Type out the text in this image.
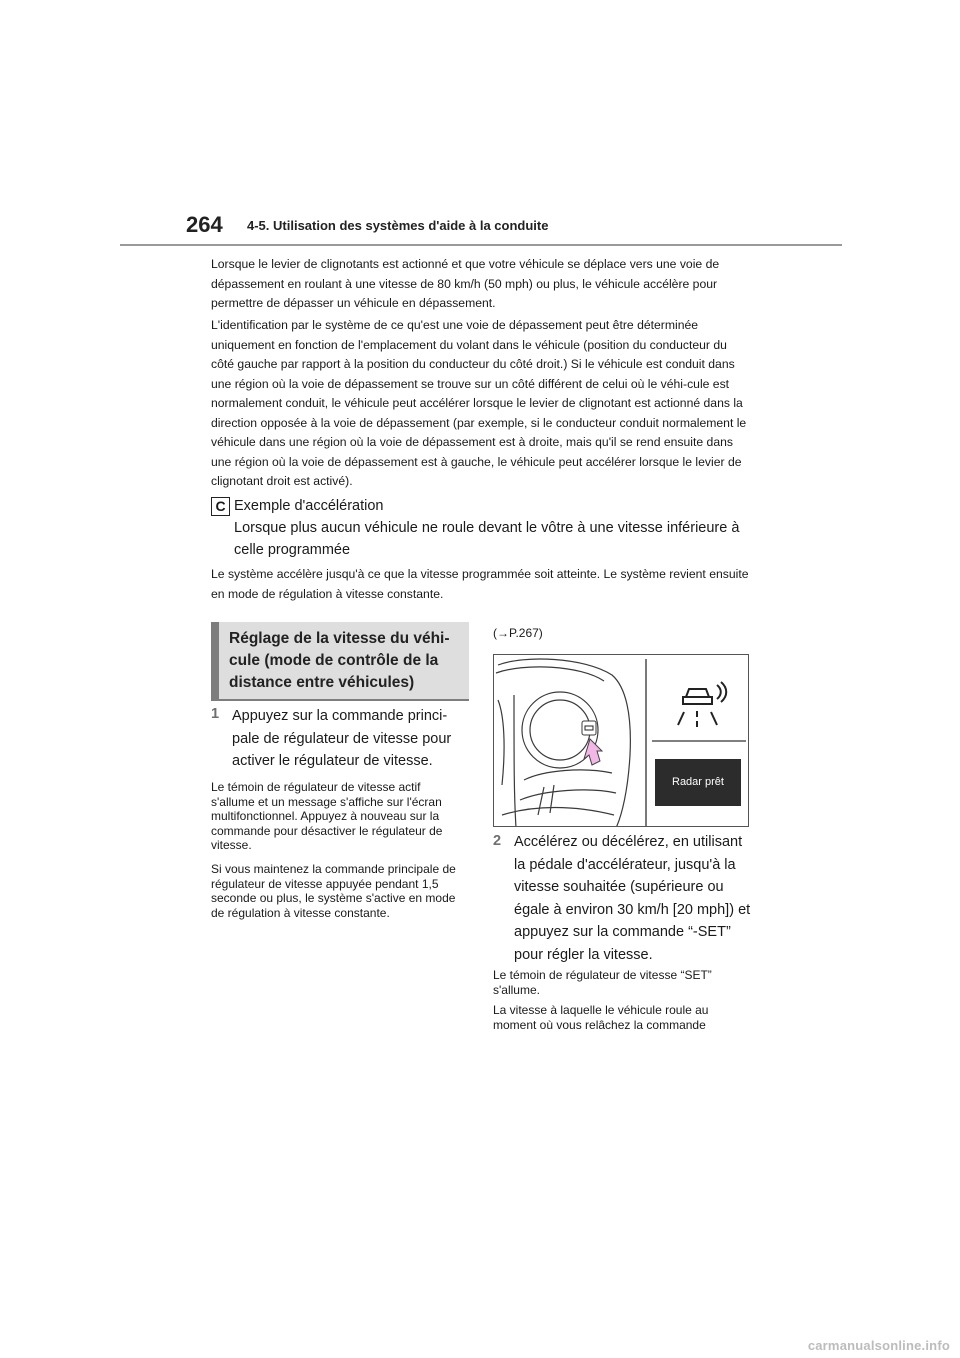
264 4-5. Utilisation des systèmes d'aide à la conduite

Lorsque le levier de clignotants est actionné et que votre véhicule se déplace vers une voie de dépassement en roulant à une vitesse de 80 km/h (50 mph) ou plus, le véhicule accélère pour permettre de dépasser un véhicule en dépassement.

L'identification par le système de ce qu'est une voie de dépassement peut être déterminée uniquement en fonction de l'emplacement du volant dans le véhicule (position du conducteur du côté gauche par rapport à la position du conducteur du côté droit.) Si le véhicule est conduit dans une région où la voie de dépassement se trouve sur un côté différent de celui où le véhi-cule est normalement conduit, le véhicule peut accélérer lorsque le levier de clignotant est actionné dans la direction opposée à la voie de dépassement (par exemple, si le conducteur conduit normalement le véhicule dans une région où la voie de dépassement est à droite, mais qu'il se rend ensuite dans une région où la voie de dépassement est à gauche, le véhicule peut accélérer lorsque le levier de clignotant droit est activé).

C Exemple d'accélération
Lorsque plus aucun véhicule ne roule devant le vôtre à une vitesse inférieure à celle programmée

Le système accélère jusqu'à ce que la vitesse programmée soit atteinte. Le système revient ensuite en mode de régulation à vitesse constante.

Réglage de la vitesse du véhi-cule (mode de contrôle de la distance entre véhicules)
1 Appuyez sur la commande princi-pale de régulateur de vitesse pour activer le régulateur de vitesse.

Le témoin de régulateur de vitesse actif s'allume et un message s'affiche sur l'écran multifonctionnel. Appuyez à nouveau sur la commande pour désactiver le régulateur de vitesse.

Si vous maintenez la commande principale de régulateur de vitesse appuyée pendant 1,5 seconde ou plus, le système s'active en mode de régulation à vitesse constante.

(→P.267)
Radar prêt
2 Accélérez ou décélérez, en utilisant la pédale d'accélérateur, jusqu'à la vitesse souhaitée (supérieure ou égale à environ 30 km/h [20 mph]) et appuyez sur la commande “-SET” pour régler la vitesse.

Le témoin de régulateur de vitesse “SET” s'allume.

La vitesse à laquelle le véhicule roule au moment où vous relâchez la commande

carmanualsonline.info
